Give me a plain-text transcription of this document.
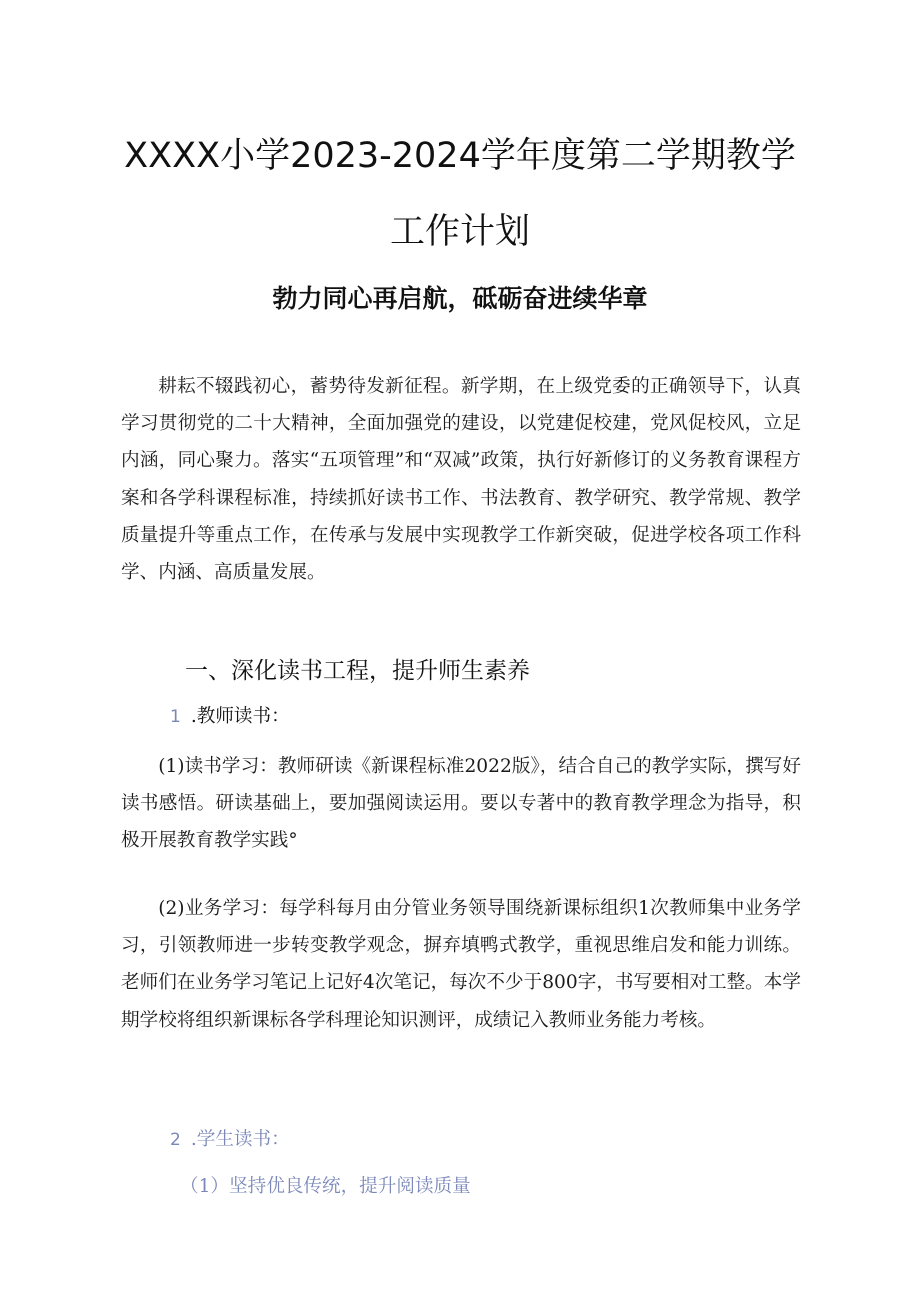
XXXX小学2023-2024学年度第二学期教学
工作计划
勃力同心再启航，砥砺奋进续华章

耕耘不辍践初心，蓄势待发新征程。新学期，在上级党委的正确领导下，认真学习贯彻党的二十大精神，全面加强党的建设，以党建促校建，党风促校风，立足内涵，同心聚力。落实“五项管理”和“双减”政策，执行好新修订的义务教育课程方案和各学科课程标准，持续抓好读书工作、书法教育、教学研究、教学常规、教学质量提升等重点工作，在传承与发展中实现教学工作新突破，促进学校各项工作科学、内涵、高质量发展。

一、深化读书工程，提升师生素养
1 .教师读书：

(1)读书学习：教师研读《新课程标准2022版》，结合自己的教学实际，撰写好读书感悟。研读基础上，要加强阅读运用。要以专著中的教育教学理念为指导，积极开展教育教学实践°

(2)业务学习：每学科每月由分管业务领导围绕新课标组织1次教师集中业务学习，引领教师进一步转变教学观念，摒弃填鸭式教学，重视思维启发和能力训练。老师们在业务学习笔记上记好4次笔记，每次不少于800字，书写要相对工整。本学期学校将组织新课标各学科理论知识测评，成绩记入教师业务能力考核。

2 .学生读书：
（1）坚持优良传统，提升阅读质量
